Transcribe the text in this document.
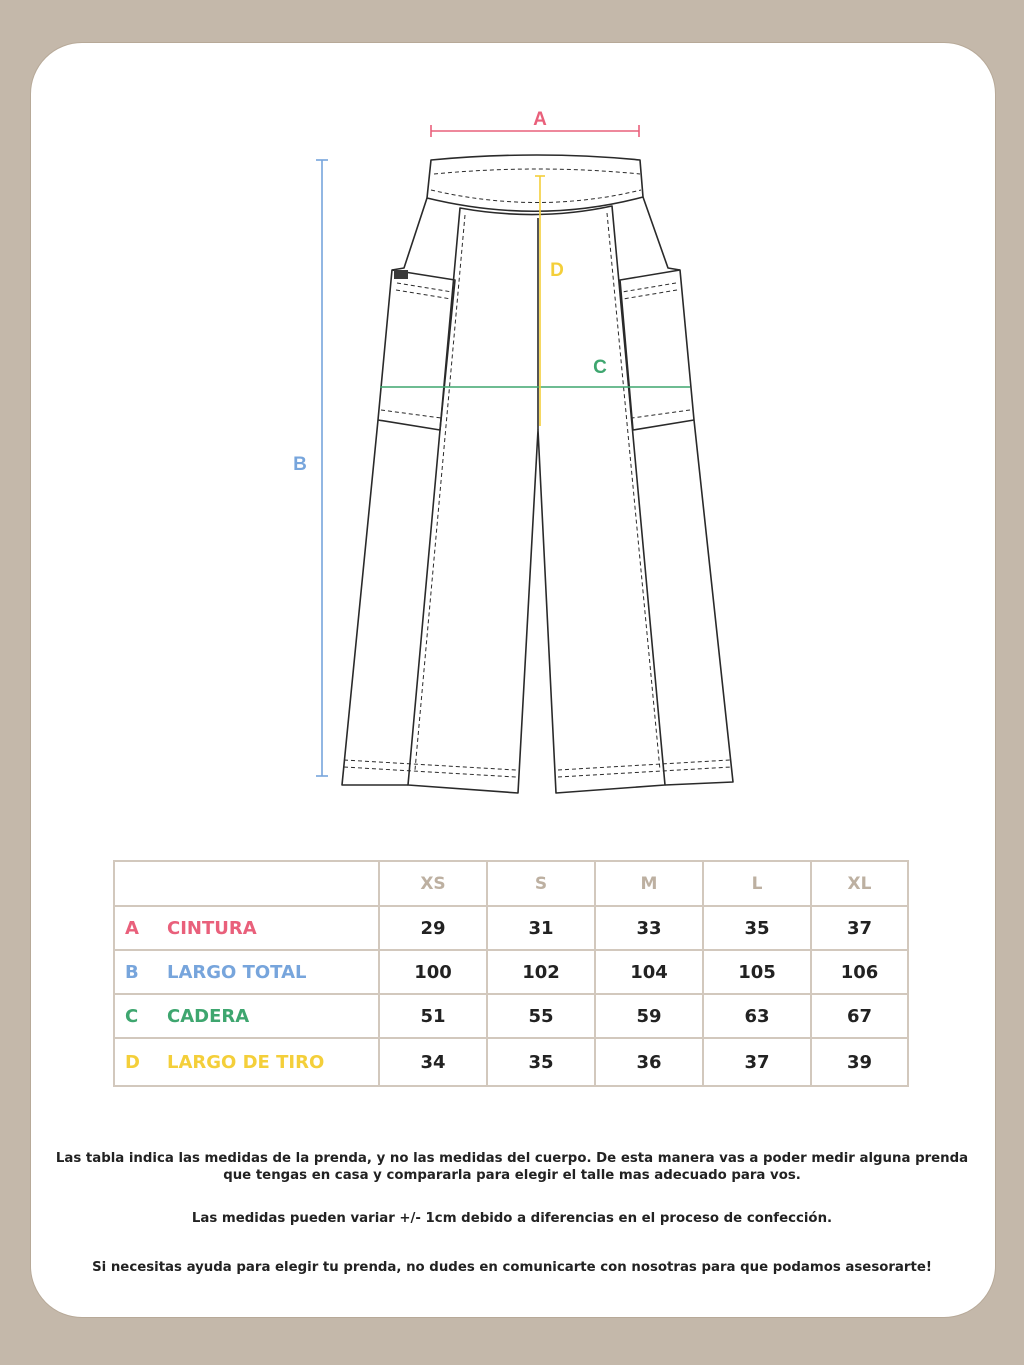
A
B
C
D
	XS	S	M	L	XL
A CINTURA	29	31	33	35	37
B LARGO TOTAL	100	102	104	105	106
C CADERA	51	55	59	63	67
D LARGO DE TIRO	34	35	36	37	39

Las tabla indica las medidas de la prenda, y no las medidas del cuerpo. De esta manera vas a poder medir alguna prenda

que tengas en casa y compararla para elegir el talle mas adecuado para vos.

Las medidas pueden variar +/- 1cm debido a diferencias en el proceso de confección.

Si necesitas ayuda para elegir tu prenda, no dudes en comunicarte con nosotras para que podamos asesorarte!
